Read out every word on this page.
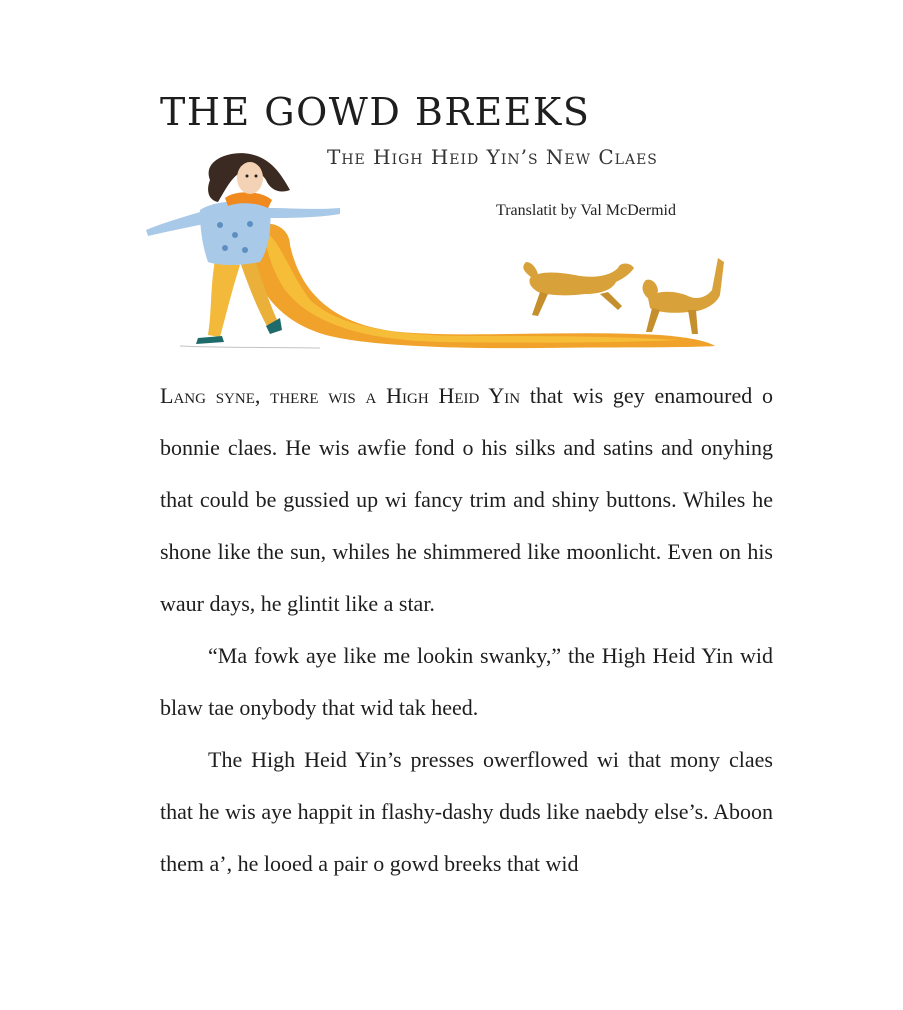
THE GOWD BREEKS
The High Heid Yin’s New Claes
Translatit by Val McDermid

Lang syne, there wis a High Heid Yin that wis gey enamoured o bonnie claes. He wis awfie fond o his silks and satins and onyhing that could be gussied up wi fancy trim and shiny buttons. Whiles he shone like the sun, whiles he shimmered like moonlicht. Even on his waur days, he glintit like a star.

“Ma fowk aye like me lookin swanky,” the High Heid Yin wid blaw tae onybody that wid tak heed.

The High Heid Yin’s presses owerflowed wi that mony claes that he wis aye happit in flashy-dashy duds like naebdy else’s. Aboon them a’, he looed a pair o gowd breeks that wid
